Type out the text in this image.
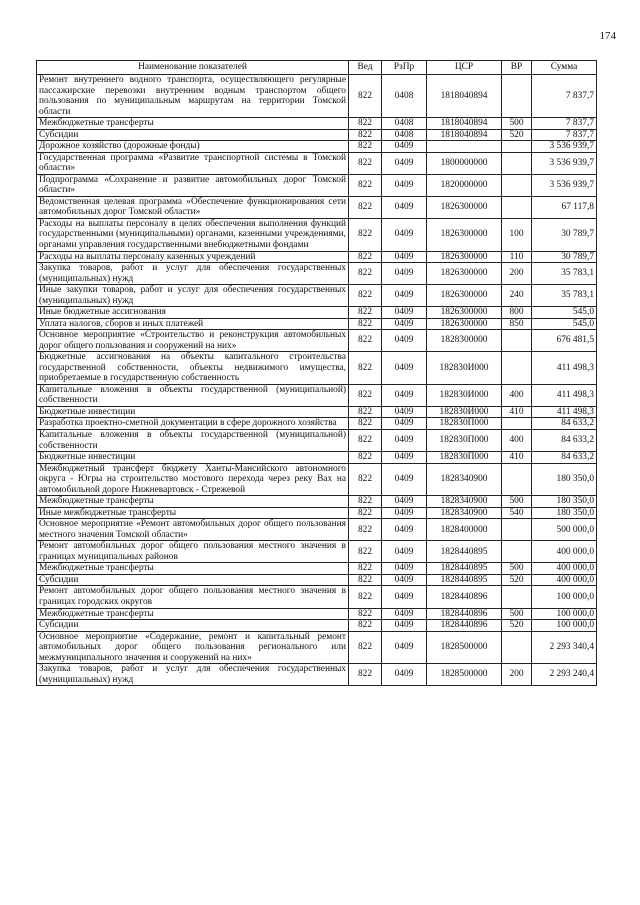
174
Наименование показателей	Вед	РзПр	ЦСР	ВР	Сумма
Ремонт внутреннего водного транспорта, осуществляющего регулярные пассажирские перевозки внутренним водным транспортом общего пользования по муниципальным маршрутам на территории Томской области	822	0408	1818040894		7 837,7
Межбюджетные трансферты	822	0408	1818040894	500	7 837,7
Субсидии	822	0408	1818040894	520	7 837,7
Дорожное хозяйство (дорожные фонды)	822	0409			3 536 939,7
Государственная программа «Развитие транспортной системы в Томской области»	822	0409	1800000000		3 536 939,7
Подпрограмма «Сохранение и развитие автомобильных дорог Томской области»	822	0409	1820000000		3 536 939,7
Ведомственная целевая программа «Обеспечение функционирования сети автомобильных дорог Томской области»	822	0409	1826300000		67 117,8
Расходы на выплаты персоналу в целях обеспечения выполнения функций государственными (муниципальными) органами, казенными учреждениями, органами управления государственными внебюджетными фондами	822	0409	1826300000	100	30 789,7
Расходы на выплаты персоналу казенных учреждений	822	0409	1826300000	110	30 789,7
Закупка товаров, работ и услуг для обеспечения государственных (муниципальных) нужд	822	0409	1826300000	200	35 783,1
Иные закупки товаров, работ и услуг для обеспечения государственных (муниципальных) нужд	822	0409	1826300000	240	35 783,1
Иные бюджетные ассигнования	822	0409	1826300000	800	545,0
Уплата налогов, сборов и иных платежей	822	0409	1826300000	850	545,0
Основное мероприятие «Строительство и реконструкция автомобильных дорог общего пользования и сооружений на них»	822	0409	1828300000		676 481,5
Бюджетные ассигнования на объекты капитального строительства государственной собственности, объекты недвижимого имущества, приобретаемые в государственную собственность	822	0409	182830И000		411 498,3
Капитальные вложения в объекты государственной (муниципальной) собственности	822	0409	182830И000	400	411 498,3
Бюджетные инвестиции	822	0409	182830И000	410	411 498,3
Разработка проектно-сметной документации в сфере дорожного хозяйства	822	0409	182830П000		84 633,2
Капитальные вложения в объекты государственной (муниципальной) собственности	822	0409	182830П000	400	84 633,2
Бюджетные инвестиции	822	0409	182830П000	410	84 633,2
Межбюджетный трансферт бюджету Ханты-Мансийского автономного округа - Югры на строительство мостового перехода через реку Вах на автомобильной дороге Нижневартовск - Стрежевой	822	0409	1828340900		180 350,0
Межбюджетные трансферты	822	0409	1828340900	500	180 350,0
Иные межбюджетные трансферты	822	0409	1828340900	540	180 350,0
Основное мероприятие «Ремонт автомобильных дорог общего пользования местного значения Томской области»	822	0409	1828400000		500 000,0
Ремонт автомобильных дорог общего пользования местного значения в границах муниципальных районов	822	0409	1828440895		400 000,0
Межбюджетные трансферты	822	0409	1828440895	500	400 000,0
Субсидии	822	0409	1828440895	520	400 000,0
Ремонт автомобильных дорог общего пользования местного значения в границах городских округов	822	0409	1828440896		100 000,0
Межбюджетные трансферты	822	0409	1828440896	500	100 000,0
Субсидии	822	0409	1828440896	520	100 000,0
Основное мероприятие «Содержание, ремонт и капитальный ремонт автомобильных дорог общего пользования регионального или межмуниципального значения и сооружений на них»	822	0409	1828500000		2 293 340,4
Закупка товаров, работ и услуг для обеспечения государственных (муниципальных) нужд	822	0409	1828500000	200	2 293 240,4
